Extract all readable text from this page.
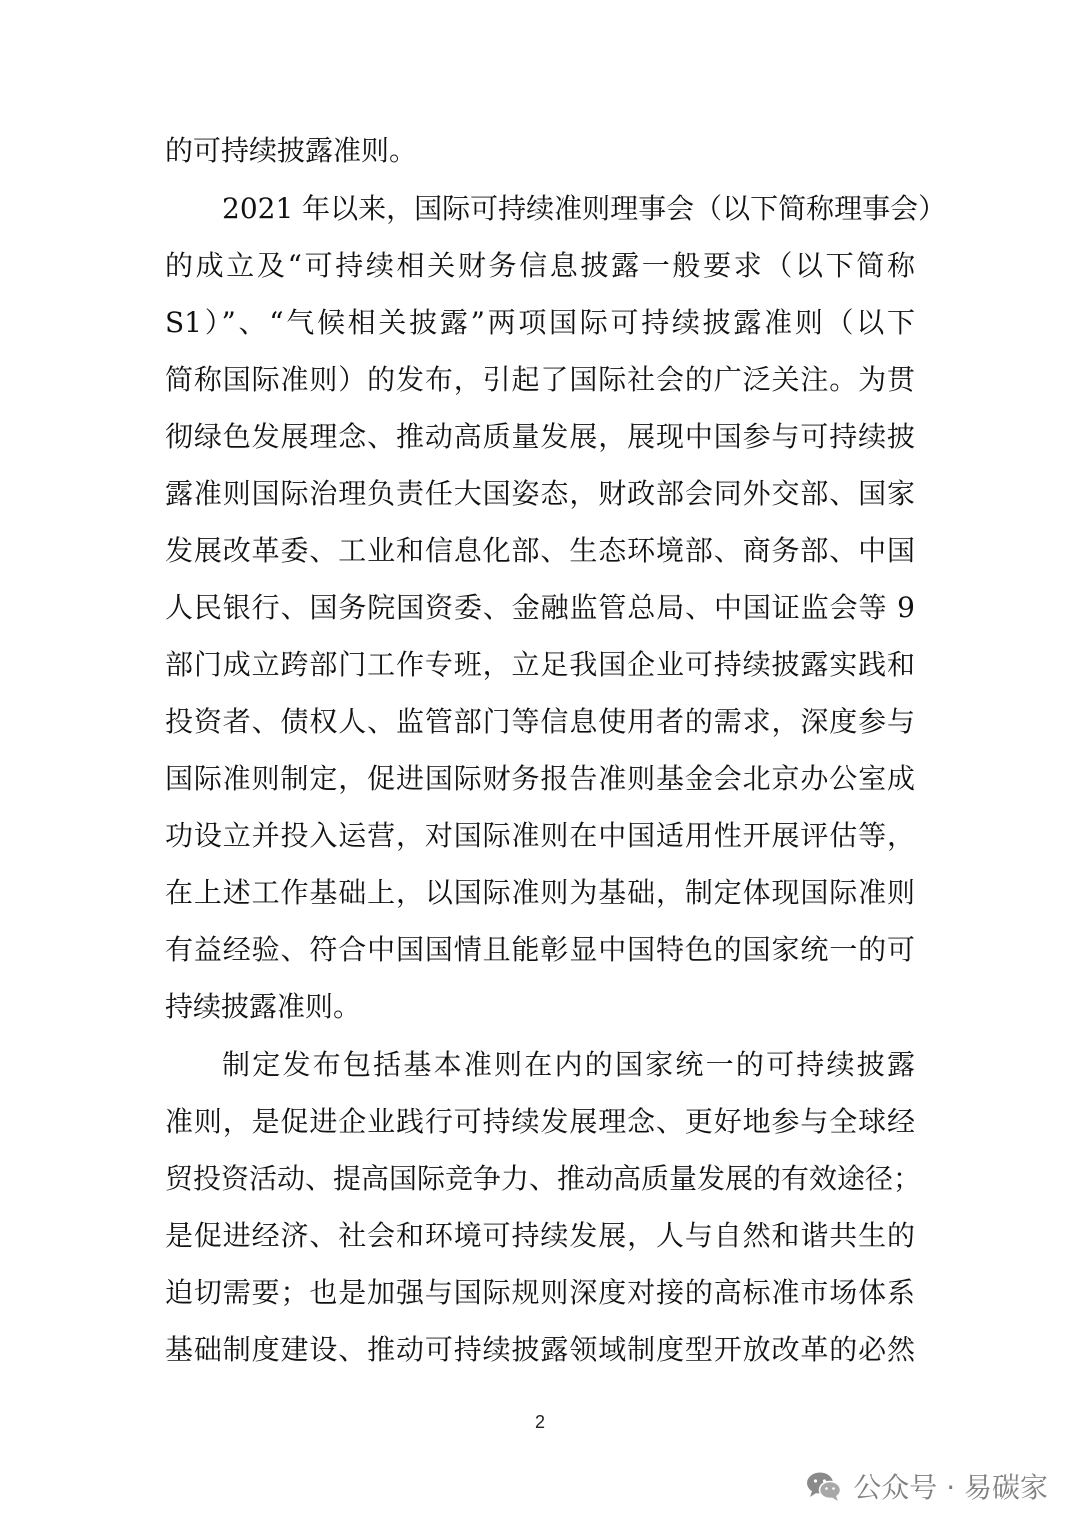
的可持续披露准则。
2021 年以来，国际可持续准则理事会（以下简称理事会）
的成立及“可持续相关财务信息披露一般要求（以下简称
S1）”、“气候相关披露”两项国际可持续披露准则（以下
简称国际准则）的发布，引起了国际社会的广泛关注。为贯
彻绿色发展理念、推动高质量发展，展现中国参与可持续披
露准则国际治理负责任大国姿态，财政部会同外交部、国家
发展改革委、工业和信息化部、生态环境部、商务部、中国
人民银行、国务院国资委、金融监管总局、中国证监会等 9
部门成立跨部门工作专班，立足我国企业可持续披露实践和
投资者、债权人、监管部门等信息使用者的需求，深度参与
国际准则制定，促进国际财务报告准则基金会北京办公室成
功设立并投入运营，对国际准则在中国适用性开展评估等，
在上述工作基础上，以国际准则为基础，制定体现国际准则
有益经验、符合中国国情且能彰显中国特色的国家统一的可
持续披露准则。
制定发布包括基本准则在内的国家统一的可持续披露
准则，是促进企业践行可持续发展理念、更好地参与全球经
贸投资活动、提高国际竞争力、推动高质量发展的有效途径；
是促进经济、社会和环境可持续发展，人与自然和谐共生的
迫切需要；也是加强与国际规则深度对接的高标准市场体系
基础制度建设、推动可持续披露领域制度型开放改革的必然
2
公众号 · 易碳家
